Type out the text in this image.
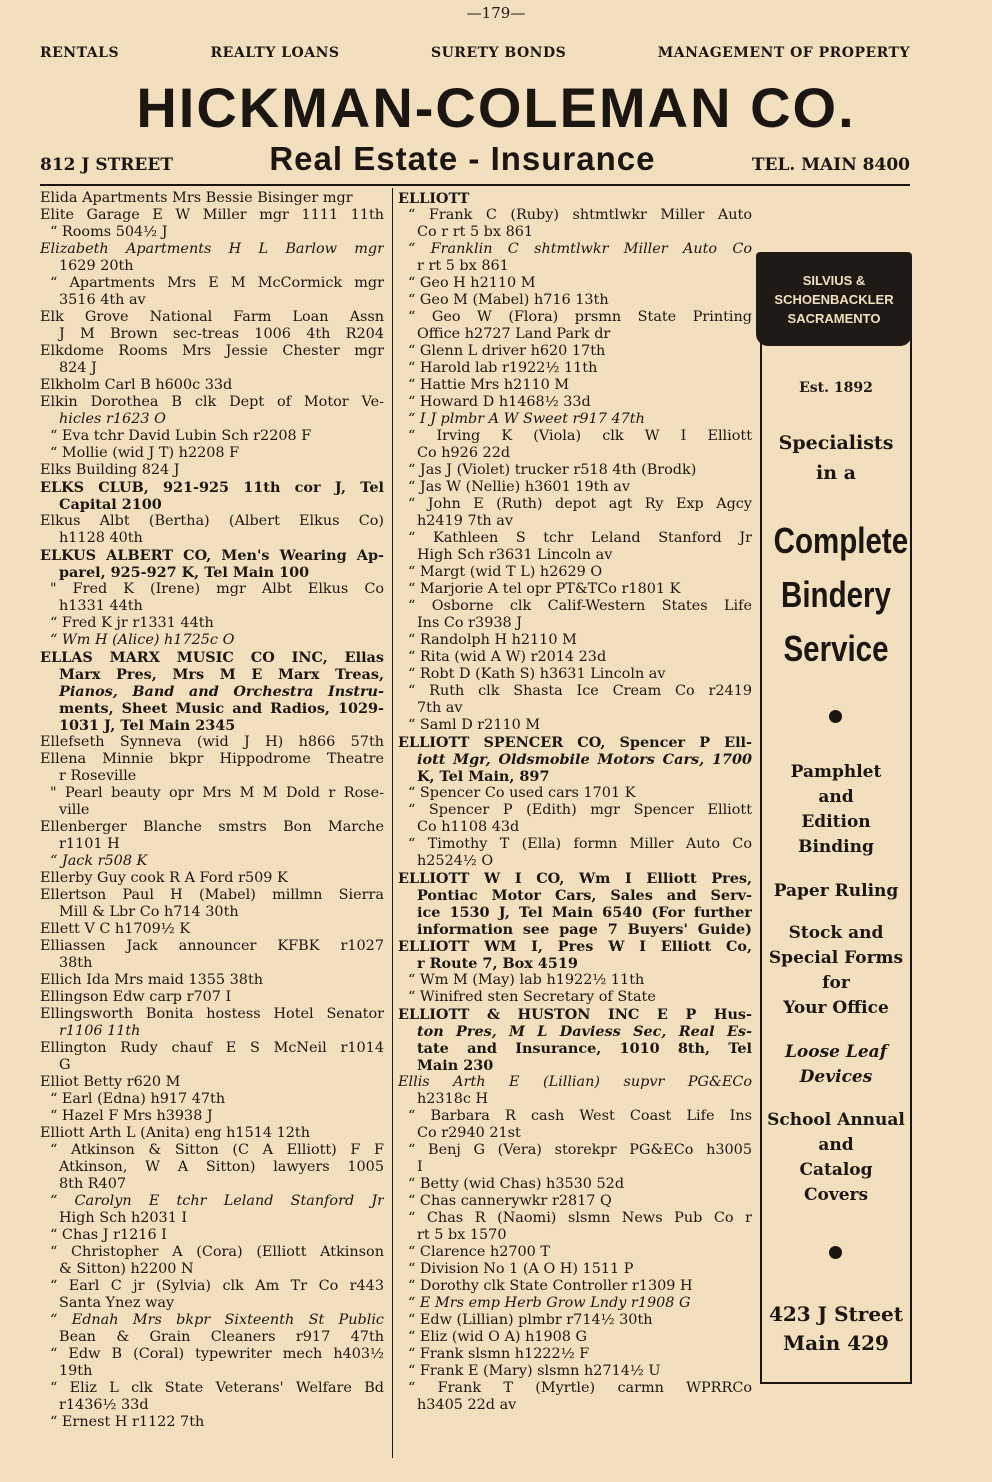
—179—
RENTALS	REALTY LOANS	SURETY BONDS	MANAGEMENT OF PROPERTY
HICKMAN-COLEMAN CO.
812 J STREET	Real Estate - Insurance	TEL. MAIN 8400
Elida Apartments Mrs Bessie Bisinger mgr
Elite Garage E W Miller mgr 1111 11th
“ Rooms 504½ J
Elizabeth Apartments H L Barlow mgr
1629 20th
“ Apartments Mrs E M McCormick mgr
3516 4th av
Elk Grove National Farm Loan Assn
J M Brown sec-treas 1006 4th R204
Elkdome Rooms Mrs Jessie Chester mgr
824 J
Elkholm Carl B h600c 33d
Elkin Dorothea B clk Dept of Motor Ve-
hicles r1623 O
“ Eva tchr David Lubin Sch r2208 F
“ Mollie (wid J T) h2208 F
Elks Building 824 J
ELKS CLUB, 921-925 11th cor J, Tel
Capital 2100
Elkus Albt (Bertha) (Albert Elkus Co)
h1128 40th
ELKUS ALBERT CO, Men's Wearing Ap-
parel, 925-927 K, Tel Main 100
" Fred K (Irene) mgr Albt Elkus Co
h1331 44th
“ Fred K jr r1331 44th
“ Wm H (Alice) h1725c O
ELLAS MARX MUSIC CO INC, Ellas
Marx Pres, Mrs M E Marx Treas,
Pianos, Band and Orchestra Instru-
ments, Sheet Music and Radios, 1029-
1031 J, Tel Main 2345
Ellefseth Synneva (wid J H) h866 57th
Ellena Minnie bkpr Hippodrome Theatre
r Roseville
" Pearl beauty opr Mrs M M Dold r Rose-
ville
Ellenberger Blanche smstrs Bon Marche
r1101 H
“ Jack r508 K
Ellerby Guy cook R A Ford r509 K
Ellertson Paul H (Mabel) millmn Sierra
Mill & Lbr Co h714 30th
Ellett V C h1709½ K
Elliassen Jack announcer KFBK r1027
38th
Ellich Ida Mrs maid 1355 38th
Ellingson Edw carp r707 I
Ellingsworth Bonita hostess Hotel Senator
r1106 11th
Ellington Rudy chauf E S McNeil r1014
G
Elliot Betty r620 M
“ Earl (Edna) h917 47th
“ Hazel F Mrs h3938 J
Elliott Arth L (Anita) eng h1514 12th
“ Atkinson & Sitton (C A Elliott) F F
Atkinson, W A Sitton) lawyers 1005
8th R407
“ Carolyn E tchr Leland Stanford Jr
High Sch h2031 I
“ Chas J r1216 I
“ Christopher A (Cora) (Elliott Atkinson
& Sitton) h2200 N
“ Earl C jr (Sylvia) clk Am Tr Co r443
Santa Ynez way
“ Ednah Mrs bkpr Sixteenth St Public
Bean & Grain Cleaners r917 47th
“ Edw B (Coral) typewriter mech h403½
19th
“ Eliz L clk State Veterans' Welfare Bd
r1436½ 33d
“ Ernest H r1122 7th
ELLIOTT
“ Frank C (Ruby) shtmtlwkr Miller Auto
Co r rt 5 bx 861
“ Franklin C shtmtlwkr Miller Auto Co
r rt 5 bx 861
“ Geo H h2110 M
“ Geo M (Mabel) h716 13th
“ Geo W (Flora) prsmn State Printing
Office h2727 Land Park dr
“ Glenn L driver h620 17th
“ Harold lab r1922½ 11th
“ Hattie Mrs h2110 M
“ Howard D h1468½ 33d
“ I J plmbr A W Sweet r917 47th
“ Irving K (Viola) clk W I Elliott
Co h926 22d
“ Jas J (Violet) trucker r518 4th (Brodk)
“ Jas W (Nellie) h3601 19th av
“ John E (Ruth) depot agt Ry Exp Agcy
h2419 7th av
“ Kathleen S tchr Leland Stanford Jr
High Sch r3631 Lincoln av
“ Margt (wid T L) h2629 O
“ Marjorie A tel opr PT&TCo r1801 K
“ Osborne clk Calif-Western States Life
Ins Co r3938 J
“ Randolph H h2110 M
“ Rita (wid A W) r2014 23d
“ Robt D (Kath S) h3631 Lincoln av
“ Ruth clk Shasta Ice Cream Co r2419
7th av
“ Saml D r2110 M
ELLIOTT SPENCER CO, Spencer P Ell-
iott Mgr, Oldsmobile Motors Cars, 1700
K, Tel Main, 897
“ Spencer Co used cars 1701 K
“ Spencer P (Edith) mgr Spencer Elliott
Co h1108 43d
“ Timothy T (Ella) formn Miller Auto Co
h2524½ O
ELLIOTT W I CO, Wm I Elliott Pres,
Pontiac Motor Cars, Sales and Serv-
ice 1530 J, Tel Main 6540 (For further
information see page 7 Buyers' Guide)
ELLIOTT WM I, Pres W I Elliott Co,
r Route 7, Box 4519
“ Wm M (May) lab h1922½ 11th
“ Winifred sten Secretary of State
ELLIOTT & HUSTON INC E P Hus-
ton Pres, M L Daviess Sec, Real Es-
tate and Insurance, 1010 8th, Tel
Main 230
Ellis Arth E (Lillian) supvr PG&ECo
h2318c H
“ Barbara R cash West Coast Life Ins
Co r2940 21st
“ Benj G (Vera) storekpr PG&ECo h3005
I
“ Betty (wid Chas) h3530 52d
“ Chas cannerywkr r2817 Q
“ Chas R (Naomi) slsmn News Pub Co r
rt 5 bx 1570
“ Clarence h2700 T
“ Division No 1 (A O H) 1511 P
“ Dorothy clk State Controller r1309 H
“ E Mrs emp Herb Grow Lndy r1908 G
“ Edw (Lillian) plmbr r714½ 30th
“ Eliz (wid O A) h1908 G
“ Frank slsmn h1222½ F
“ Frank E (Mary) slsmn h2714½ U
“ Frank T (Myrtle) carmn WPRRCo
h3405 22d av
SILVIUS &
SCHOENBACKLER
SACRAMENTO
Est. 1892
Specialists
in a
Complete
Bindery
Service
Pamphlet
and
Edition
Binding
Paper Ruling
Stock and
Special Forms
for
Your Office
Loose Leaf
Devices
School Annual
and
Catalog
Covers
423 J Street
Main 429
